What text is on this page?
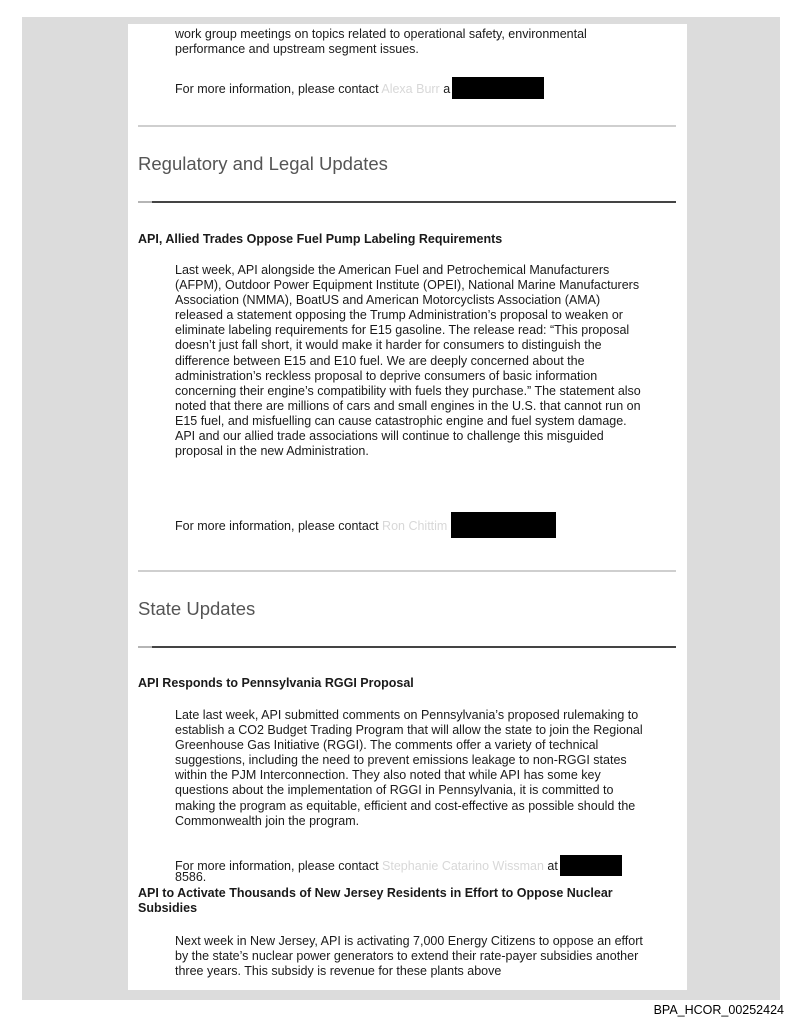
work group meetings on topics related to operational safety, environmental performance and upstream segment issues.

For more information, please contact Alexa Burr a
Regulatory and Legal Updates
API, Allied Trades Oppose Fuel Pump Labeling Requirements

Last week, API alongside the American Fuel and Petrochemical Manufacturers (AFPM), Outdoor Power Equipment Institute (OPEI), National Marine Manufacturers Association (NMMA), BoatUS and American Motorcyclists Association (AMA) released a statement opposing the Trump Administration’s proposal to weaken or eliminate labeling requirements for E15 gasoline. The release read: “This proposal doesn’t just fall short, it would make it harder for consumers to distinguish the difference between E15 and E10 fuel. We are deeply concerned about the administration’s reckless proposal to deprive consumers of basic information concerning their engine’s compatibility with fuels they purchase.” The statement also noted that there are millions of cars and small engines in the U.S. that cannot run on E15 fuel, and misfuelling can cause catastrophic engine and fuel system damage. API and our allied trade associations will continue to challenge this misguided proposal in the new Administration.

For more information, please contact Ron Chittim
State Updates
API Responds to Pennsylvania RGGI Proposal

Late last week, API submitted comments on Pennsylvania’s proposed rulemaking to establish a CO2 Budget Trading Program that will allow the state to join the Regional Greenhouse Gas Initiative (RGGI). The comments offer a variety of technical suggestions, including the need to prevent emissions leakage to non-RGGI states within the PJM Interconnection. They also noted that while API has some key questions about the implementation of RGGI in Pennsylvania, it is committed to making the program as equitable, efficient and cost-effective as possible should the Commonwealth join the program.

For more information, please contact Stephanie Catarino Wissman at
8586.
API to Activate Thousands of New Jersey Residents in Effort to Oppose Nuclear Subsidies

Next week in New Jersey, API is activating 7,000 Energy Citizens to oppose an effort by the state’s nuclear power generators to extend their rate-payer subsidies another three years. This subsidy is revenue for these plants above

BPA_HCOR_00252424
